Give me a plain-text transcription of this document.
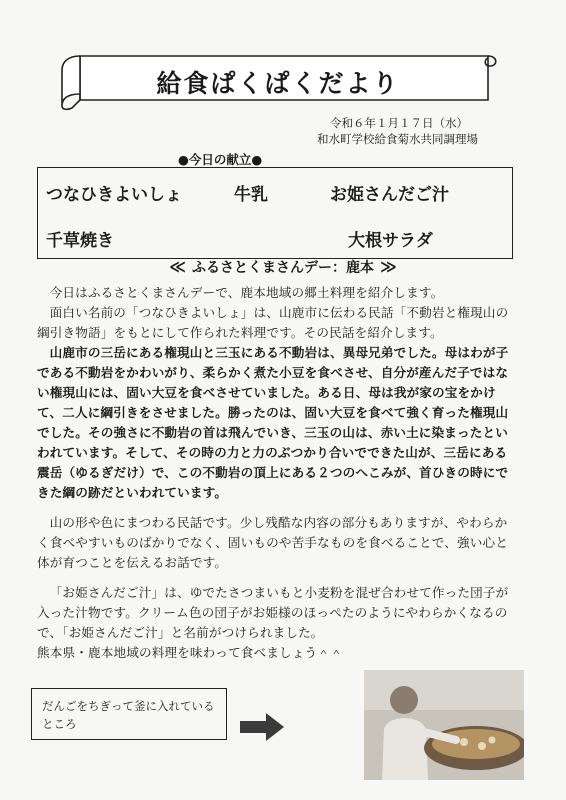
給食ぱくぱくだより
令和６年１月１７日（水）
和水町学校給食菊水共同調理場
●今日の献立●
つなひきよいしょ	牛乳	お姫さんだご汁
千草焼き	大根サラダ
≪ ふるさとくまさんデー：鹿本 ≫

今日はふるさとくまさんデーで、鹿本地域の郷土料理を紹介します。

面白い名前の「つなひきよいしょ」は、山鹿市に伝わる民話「不動岩と権現山の綱引き物語」をもとにして作られた料理です。その民話を紹介します。

山鹿市の三岳にある権現山と三玉にある不動岩は、異母兄弟でした。母はわが子である不動岩をかわいがり、柔らかく煮た小豆を食べさせ、自分が産んだ子ではない権現山には、固い大豆を食べさせていました。ある日、母は我が家の宝をかけて、二人に綱引きをさせました。勝ったのは、固い大豆を食べて強く育った権現山でした。その強さに不動岩の首は飛んでいき、三玉の山は、赤い土に染まったといわれています。そして、その時の力と力のぶつかり合いでできた山が、三岳にある震岳（ゆるぎだけ）で、この不動岩の頂上にある２つのへこみが、首ひきの時にできた綱の跡だといわれています。

山の形や色にまつわる民話です。少し残酷な内容の部分もありますが、やわらかく食べやすいものばかりでなく、固いものや苦手なものを食べることで、強い心と体が育つことを伝えるお話です。

「お姫さんだご汁」は、ゆでたさつまいもと小麦粉を混ぜ合わせて作った団子が入った汁物です。クリーム色の団子がお姫様のほっぺたのようにやわらかくなるので、「お姫さんだご汁」と名前がつけられました。

熊本県・鹿本地域の料理を味わって食べましょう＾＾

だんごをちぎって釜に入れているところ
